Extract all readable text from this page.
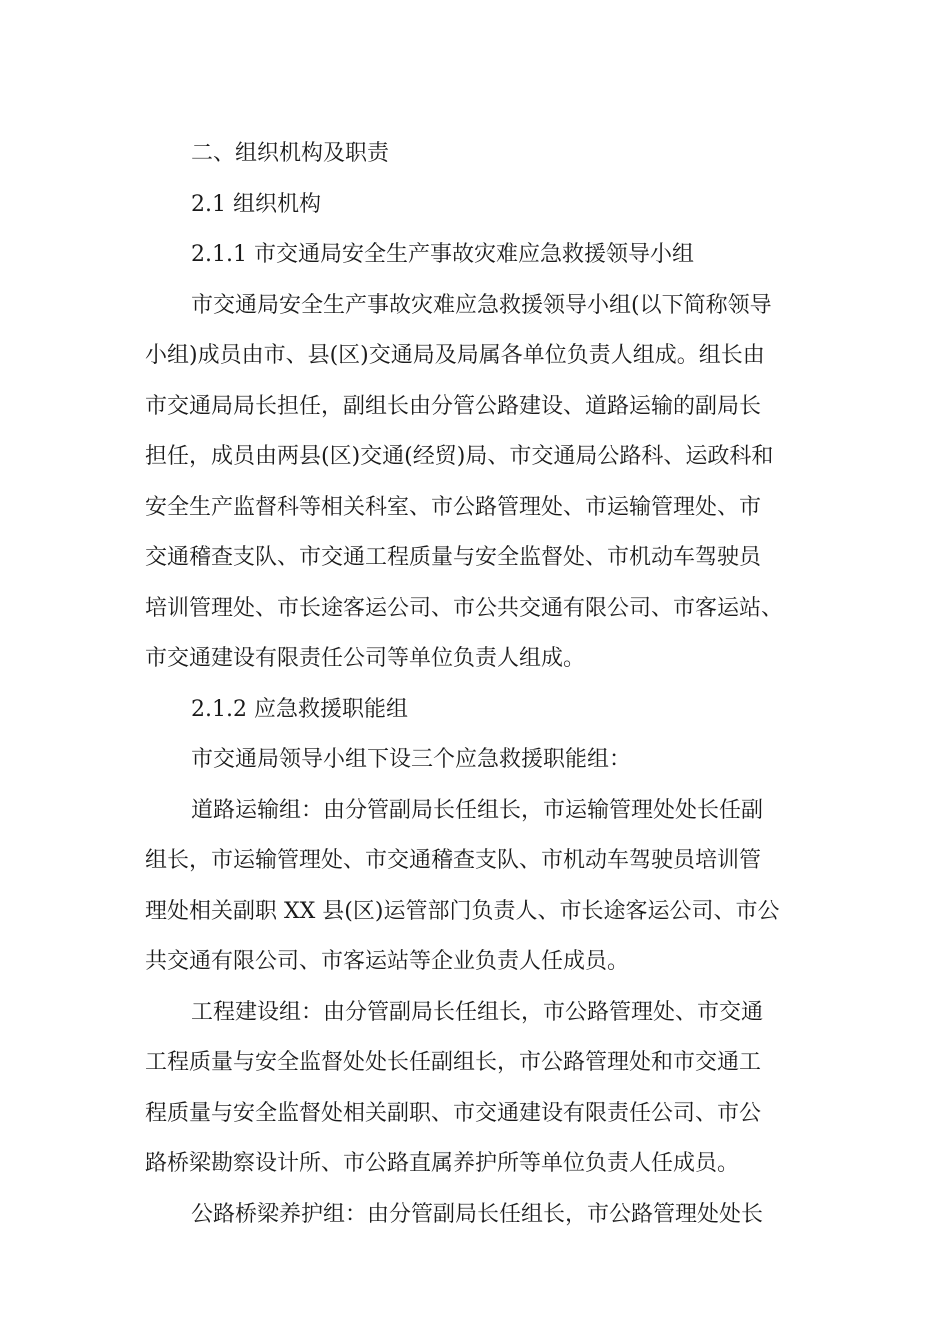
二、组织机构及职责
2.1 组织机构
2.1.1 市交通局安全生产事故灾难应急救援领导小组
市交通局安全生产事故灾难应急救援领导小组(以下简称领导
小组)成员由市、县(区)交通局及局属各单位负责人组成。组长由
市交通局局长担任，副组长由分管公路建设、道路运输的副局长
担任，成员由两县(区)交通(经贸)局、市交通局公路科、运政科和
安全生产监督科等相关科室、市公路管理处、市运输管理处、市
交通稽查支队、市交通工程质量与安全监督处、市机动车驾驶员
培训管理处、市长途客运公司、市公共交通有限公司、市客运站、
市交通建设有限责任公司等单位负责人组成。
2.1.2 应急救援职能组
市交通局领导小组下设三个应急救援职能组：
道路运输组：由分管副局长任组长，市运输管理处处长任副
组长，市运输管理处、市交通稽查支队、市机动车驾驶员培训管
理处相关副职 XX 县(区)运管部门负责人、市长途客运公司、市公
共交通有限公司、市客运站等企业负责人任成员。
工程建设组：由分管副局长任组长，市公路管理处、市交通
工程质量与安全监督处处长任副组长，市公路管理处和市交通工
程质量与安全监督处相关副职、市交通建设有限责任公司、市公
路桥梁勘察设计所、市公路直属养护所等单位负责人任成员。
公路桥梁养护组：由分管副局长任组长，市公路管理处处长
